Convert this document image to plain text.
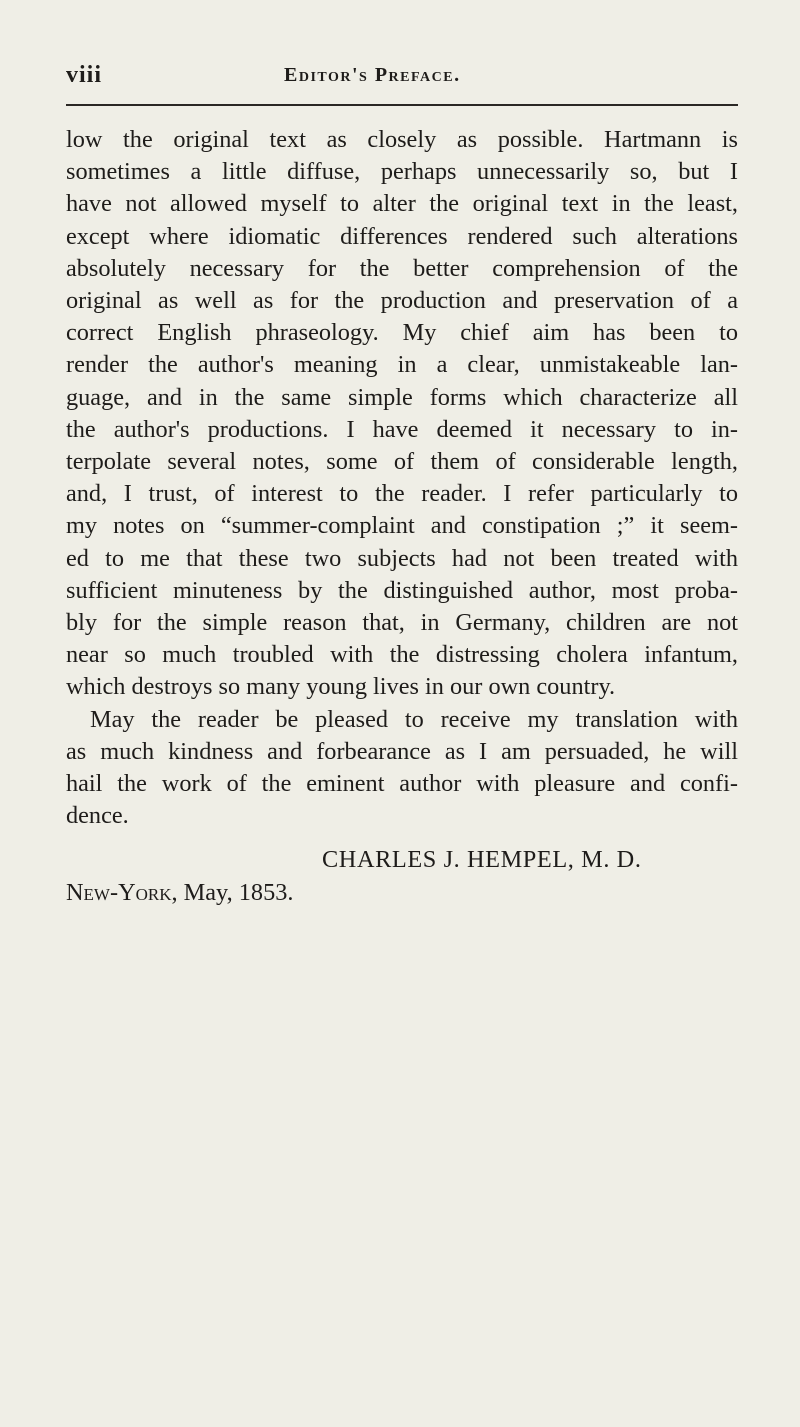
viii	Editor's Preface.
low the original text as closely as possible. Hartmann is
sometimes a little diffuse, perhaps unnecessarily so, but I
have not allowed myself to alter the original text in the least,
except where idiomatic differences rendered such alterations
absolutely necessary for the better comprehension of the
original as well as for the production and preservation of a
correct English phraseology. My chief aim has been to
render the author's meaning in a clear, unmistakeable lan-
guage, and in the same simple forms which characterize all
the author's productions. I have deemed it necessary to in-
terpolate several notes, some of them of considerable length,
and, I trust, of interest to the reader. I refer particularly to
my notes on “summer-complaint and constipation ;” it seem-
ed to me that these two subjects had not been treated with
sufficient minuteness by the distinguished author, most proba-
bly for the simple reason that, in Germany, children are not
near so much troubled with the distressing cholera infantum,
which destroys so many young lives in our own country.
May the reader be pleased to receive my translation with
as much kindness and forbearance as I am persuaded, he will
hail the work of the eminent author with pleasure and confi-
dence.
CHARLES J. HEMPEL, M. D.
New-York, May, 1853.
